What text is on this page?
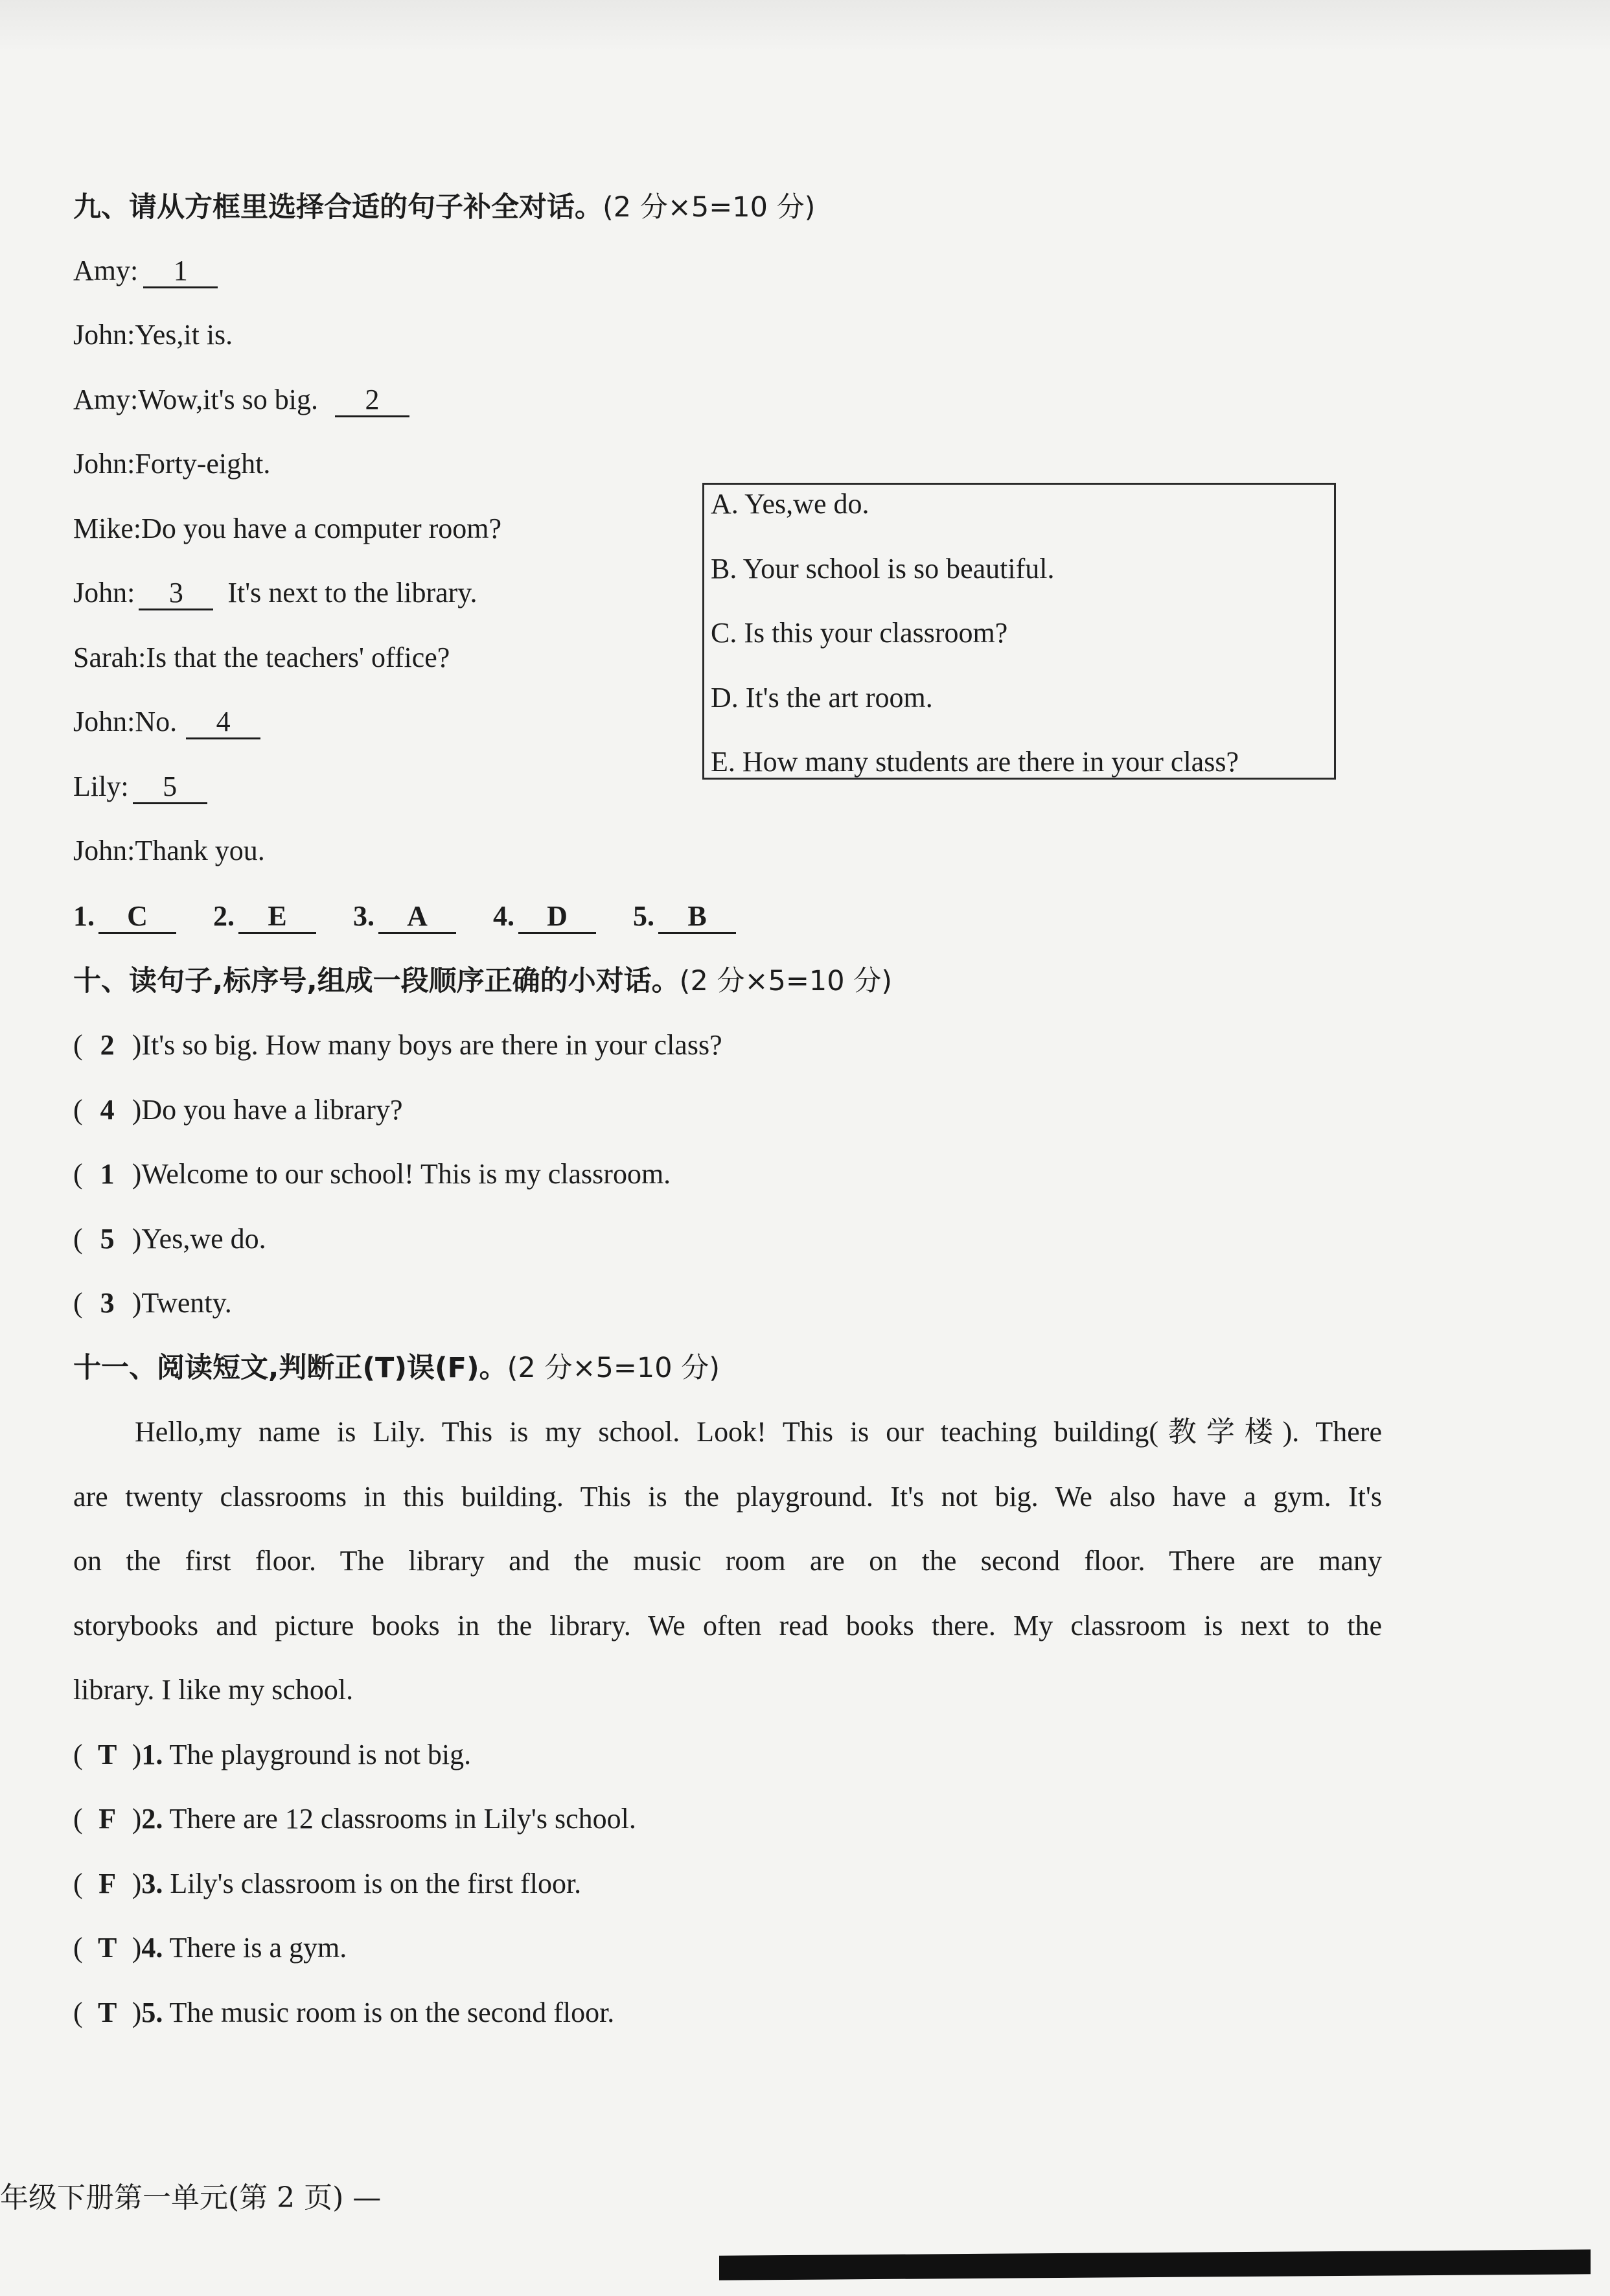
九、请从方框里选择合适的句子补全对话。(2 分×5=10 分)
Amy: 1
John:Yes,it is.
Amy:Wow,it's so big. 2
John:Forty-eight.
Mike:Do you have a computer room?
John: 3 It's next to the library.
Sarah:Is that the teachers' office?
John:No. 4
Lily: 5
John:Thank you.
A. Yes,we do.
B. Your school is so beautiful.
C. Is this your classroom?
D. It's the art room.
E. How many students are there in your class?
1. C 2. E 3. A 4. D 5. B
十、读句子,标序号,组成一段顺序正确的小对话。(2 分×5=10 分)
( 2 )It's so big. How many boys are there in your class?
( 4 )Do you have a library?
( 1 )Welcome to our school! This is my classroom.
( 5 )Yes,we do.
( 3 )Twenty.
十一、阅读短文,判断正(T)误(F)。(2 分×5=10 分)
Hello,my name is Lily. This is my school. Look! This is our teaching building(教学楼). There
are twenty classrooms in this building. This is the playground. It's not big. We also have a gym. It's
on the first floor. The library and the music room are on the second floor. There are many
storybooks and picture books in the library. We often read books there. My classroom is next to the
library. I like my school.
( T )1. The playground is not big.
( F )2. There are 12 classrooms in Lily's school.
( F )3. Lily's classroom is on the first floor.
( T )4. There is a gym.
( T )5. The music room is on the second floor.
年级下册第一单元(第 2 页) —
